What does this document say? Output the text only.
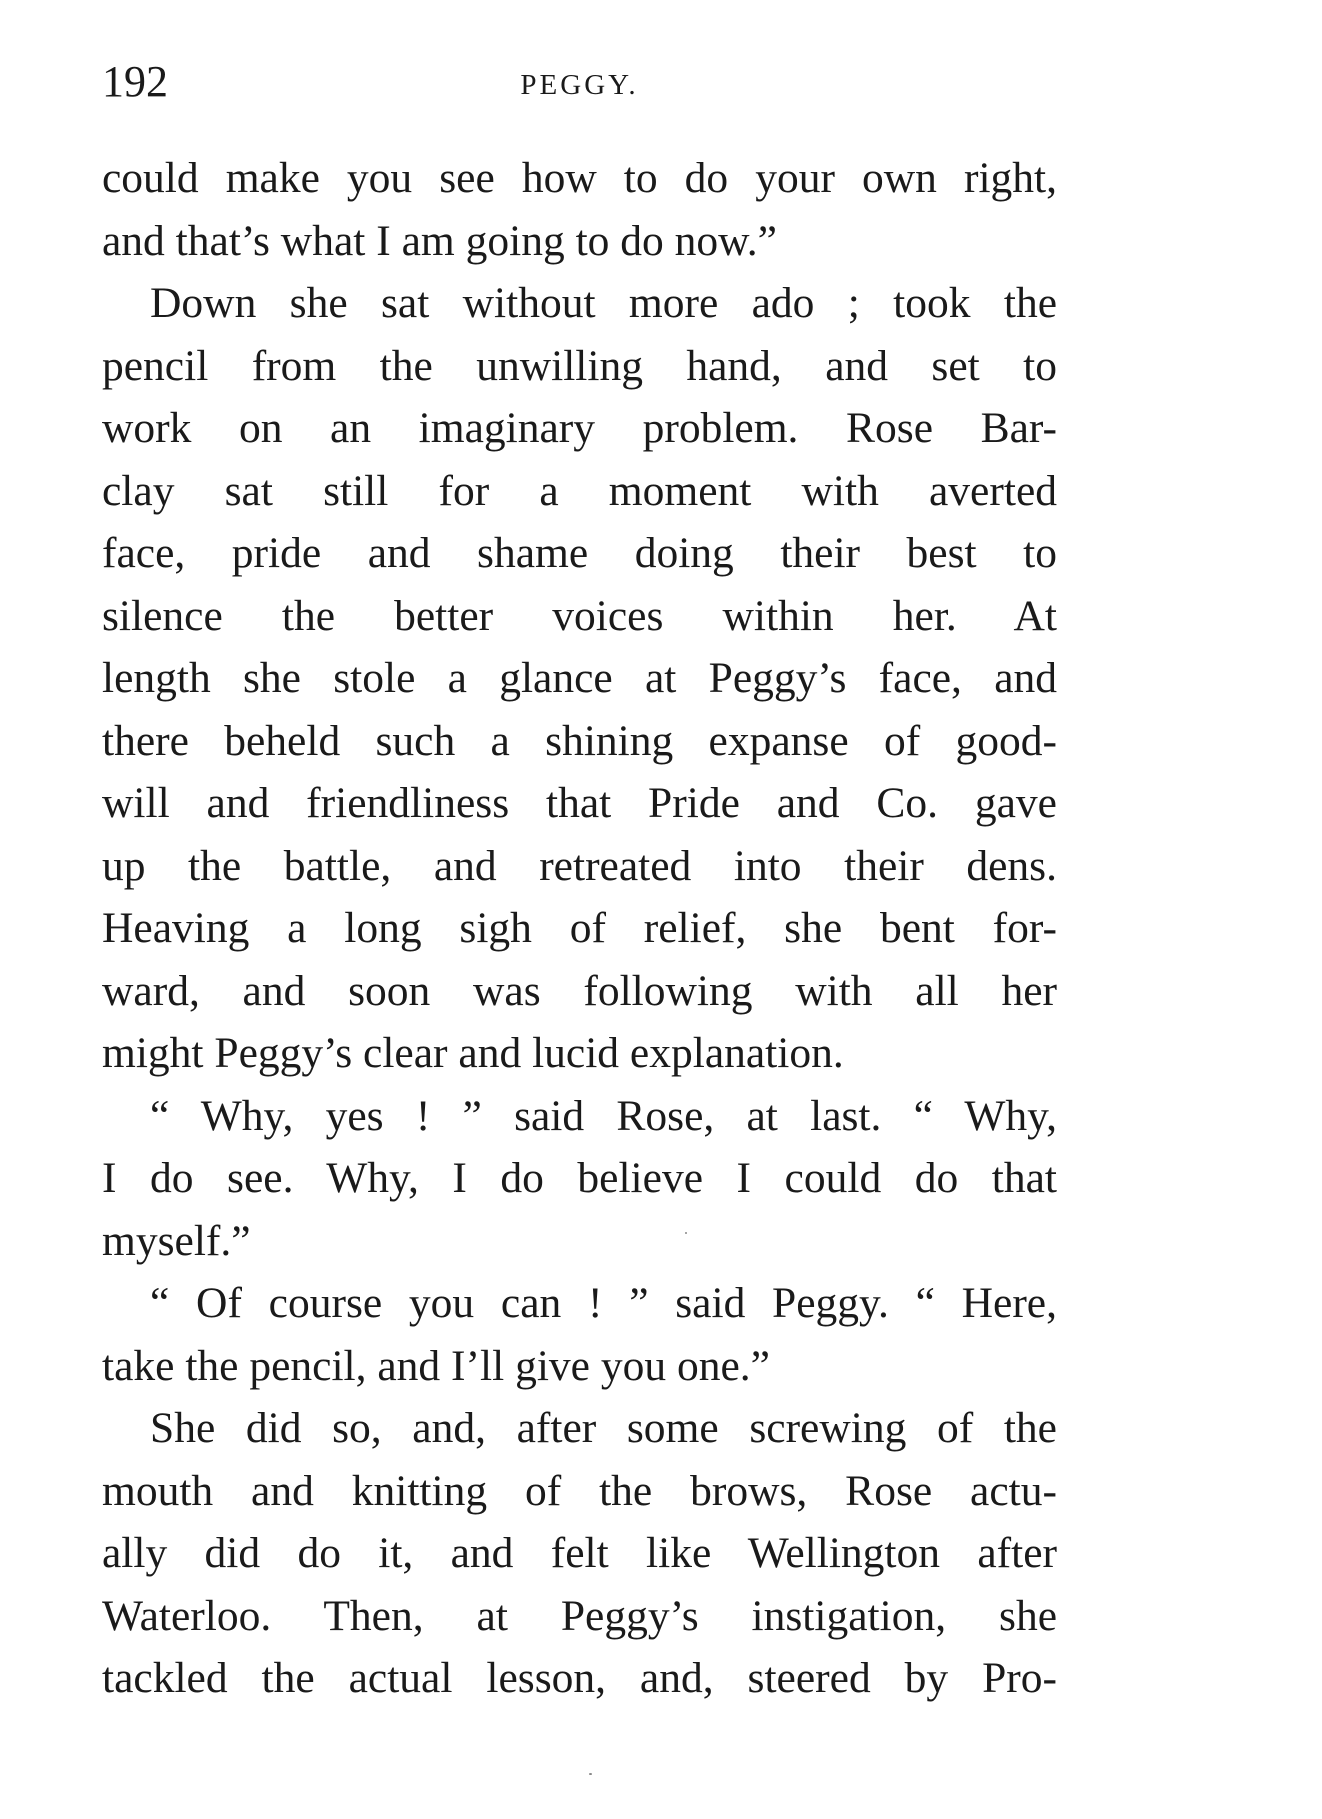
192	PEGGY.
could make you see how to do your own right,
and that’s what I am going to do now.”
Down she sat without more ado ; took the
pencil from the unwilling hand, and set to
work on an imaginary problem. Rose Bar-
clay sat still for a moment with averted
face, pride and shame doing their best to
silence the better voices within her. At
length she stole a glance at Peggy’s face, and
there beheld such a shining expanse of good-
will and friendliness that Pride and Co. gave
up the battle, and retreated into their dens.
Heaving a long sigh of relief, she bent for-
ward, and soon was following with all her
might Peggy’s clear and lucid explanation.
“ Why, yes ! ” said Rose, at last. “ Why,
I do see. Why, I do believe I could do that
myself.”
“ Of course you can ! ” said Peggy. “ Here,
take the pencil, and I’ll give you one.”
She did so, and, after some screwing of the
mouth and knitting of the brows, Rose actu-
ally did do it, and felt like Wellington after
Waterloo. Then, at Peggy’s instigation, she
tackled the actual lesson, and, steered by Pro-
